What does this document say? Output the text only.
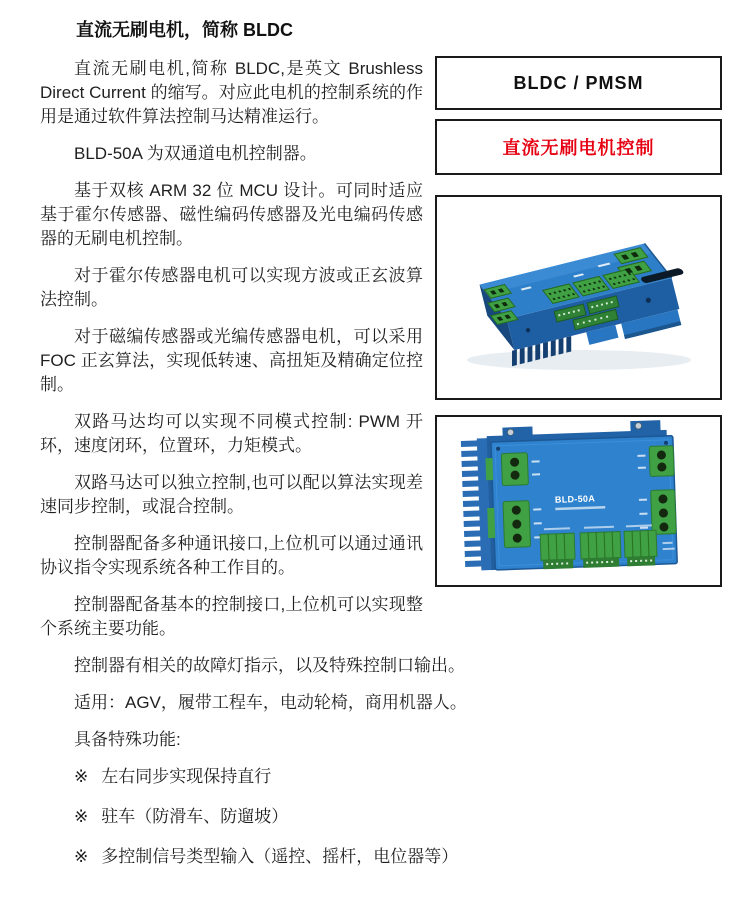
BLDC / PMSM
直流无刷电机控制
BLD-50A
直流无刷电机，简称 BLDC

直流无刷电机,简称 BLDC,是英文 Brushless Direct Current 的缩写。对应此电机的控制系统的作用是通过软件算法控制马达精准运行。

BLD-50A 为双通道电机控制器。

基于双核 ARM 32 位 MCU 设计。可同时适应基于霍尔传感器、磁性编码传感器及光电编码传感器的无刷电机控制。

对于霍尔传感器电机可以实现方波或正玄波算法控制。

对于磁编传感器或光编传感器电机，可以采用 FOC 正玄算法，实现低转速、高扭矩及精确定位控制。

双路马达均可以实现不同模式控制: PWM 开环，速度闭环，位置环，力矩模式。

双路马达可以独立控制,也可以配以算法实现差速同步控制，或混合控制。

控制器配备多种通讯接口,上位机可以通过通讯协议指令实现系统各种工作目的。

控制器配备基本的控制接口,上位机可以实现整个系统主要功能。

控制器有相关的故障灯指示，以及特殊控制口输出。

适用：AGV，履带工程车，电动轮椅，商用机器人。

具备特殊功能:

※ 左右同步实现保持直行

※ 驻车（防滑车、防遛坡）

※ 多控制信号类型输入（遥控、摇杆，电位器等）
